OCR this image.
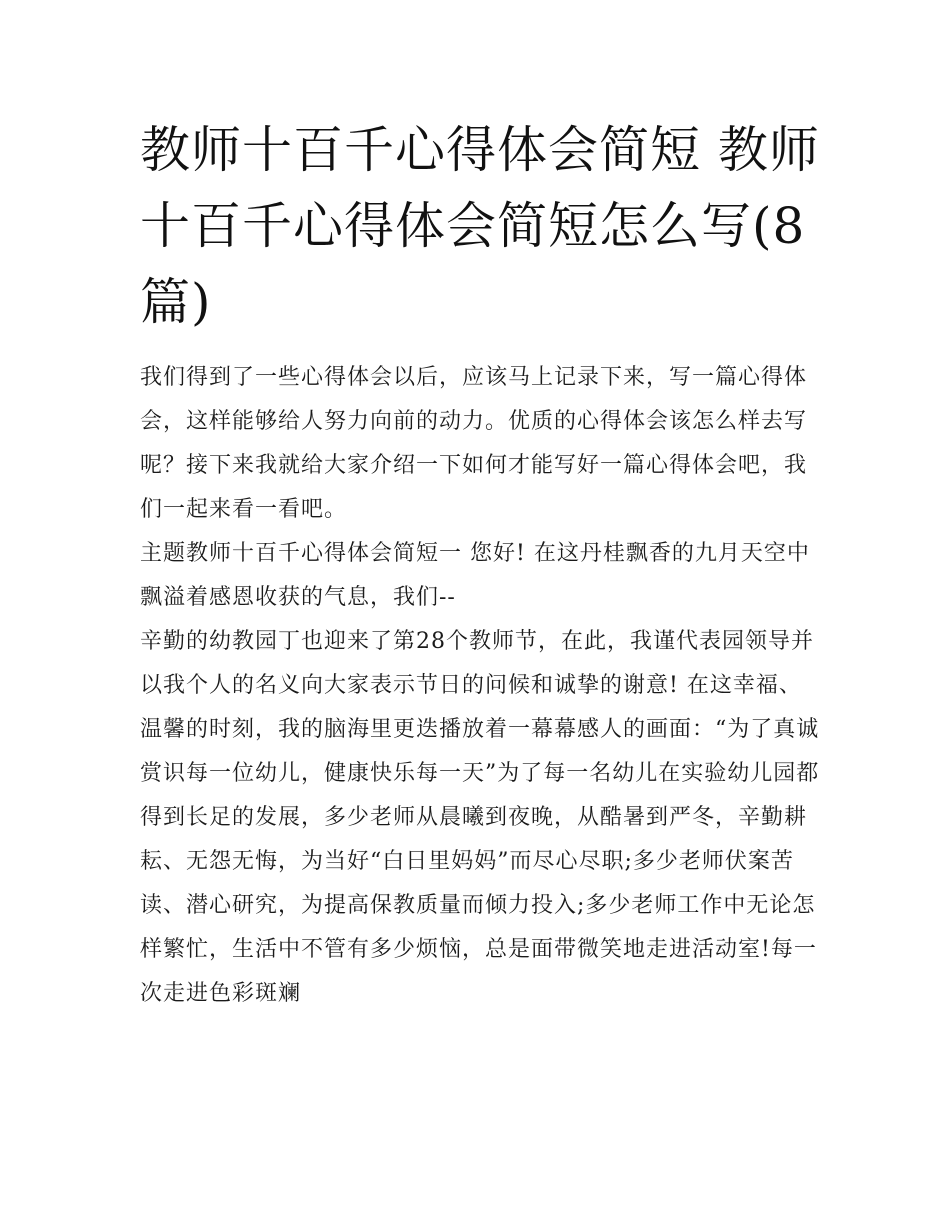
教师十百千心得体会简短 教师十百千心得体会简短怎么写(8篇)

我们得到了一些心得体会以后，应该马上记录下来，写一篇心得体会，这样能够给人努力向前的动力。优质的心得体会该怎么样去写呢？接下来我就给大家介绍一下如何才能写好一篇心得体会吧，我们一起来看一看吧。

主题教师十百千心得体会简短一 您好! 在这丹桂飘香的九月天空中飘溢着感恩收获的气息，我们--

辛勤的幼教园丁也迎来了第28个教师节，在此，我谨代表园领导并以我个人的名义向大家表示节日的问候和诚挚的谢意! 在这幸福、温馨的时刻，我的脑海里更迭播放着一幕幕感人的画面：“为了真诚赏识每一位幼儿，健康快乐每一天”为了每一名幼儿在实验幼儿园都得到长足的发展，多少老师从晨曦到夜晚，从酷暑到严冬，辛勤耕耘、无怨无悔，为当好“白日里妈妈”而尽心尽职;多少老师伏案苦读、潜心研究，为提高保教质量而倾力投入;多少老师工作中无论怎样繁忙，生活中不管有多少烦恼，总是面带微笑地走进活动室!每一次走进色彩斑斓
